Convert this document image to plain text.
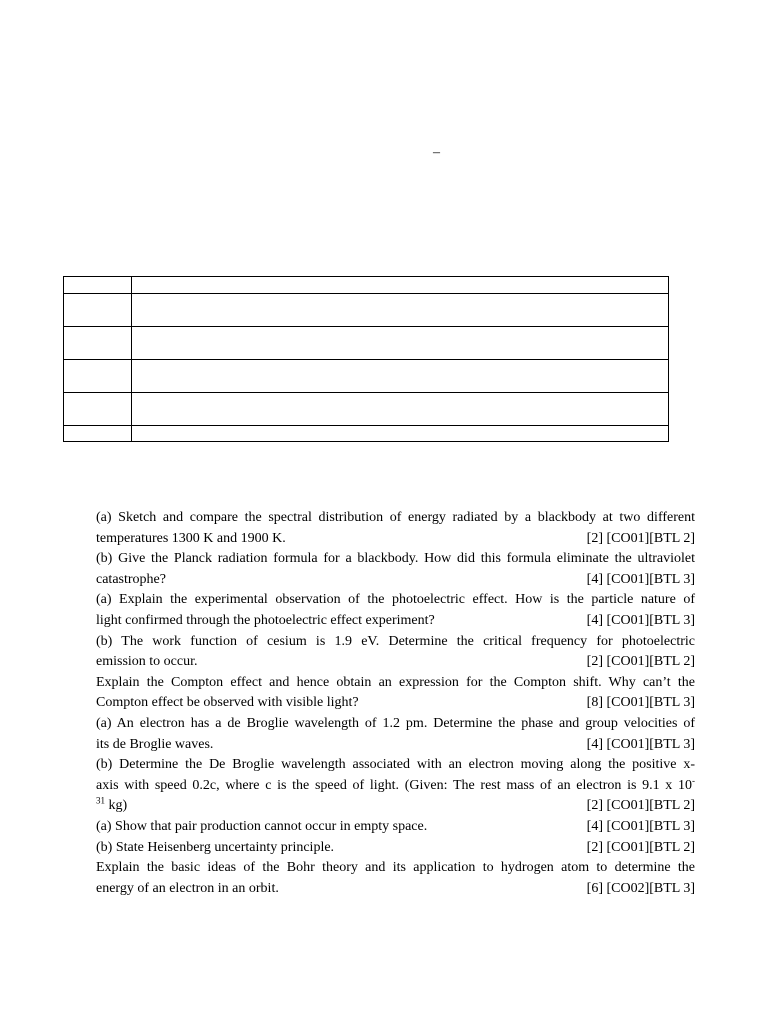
–

(a) Sketch and compare the spectral distribution of energy radiated by a blackbody at two different
temperatures 1300 K and 1900 K.	[2] [CO01][BTL 2]
(b) Give the Planck radiation formula for a blackbody. How did this formula eliminate the ultraviolet
catastrophe?	[4] [CO01][BTL 3]
(a) Explain the experimental observation of the photoelectric effect. How is the particle nature of
light confirmed through the photoelectric effect experiment?	[4] [CO01][BTL 3]
(b) The work function of cesium is 1.9 eV. Determine the critical frequency for photoelectric
emission to occur.	[2] [CO01][BTL 2]
Explain the Compton effect and hence obtain an expression for the Compton shift. Why can’t the
Compton effect be observed with visible light?	[8] [CO01][BTL 3]
(a) An electron has a de Broglie wavelength of 1.2 pm. Determine the phase and group velocities of
its de Broglie waves.	[4] [CO01][BTL 3]
(b) Determine the De Broglie wavelength associated with an electron moving along the positive x-
axis with speed 0.2c, where c is the speed of light. (Given: The rest mass of an electron is 9.1 x 10-
$^{31}$ kg)	[2] [CO01][BTL 2]
(a) Show that pair production cannot occur in empty space.	[4] [CO01][BTL 3]
(b) State Heisenberg uncertainty principle.	[2] [CO01][BTL 2]
Explain the basic ideas of the Bohr theory and its application to hydrogen atom to determine the
energy of an electron in an orbit.	[6] [CO02][BTL 3]
